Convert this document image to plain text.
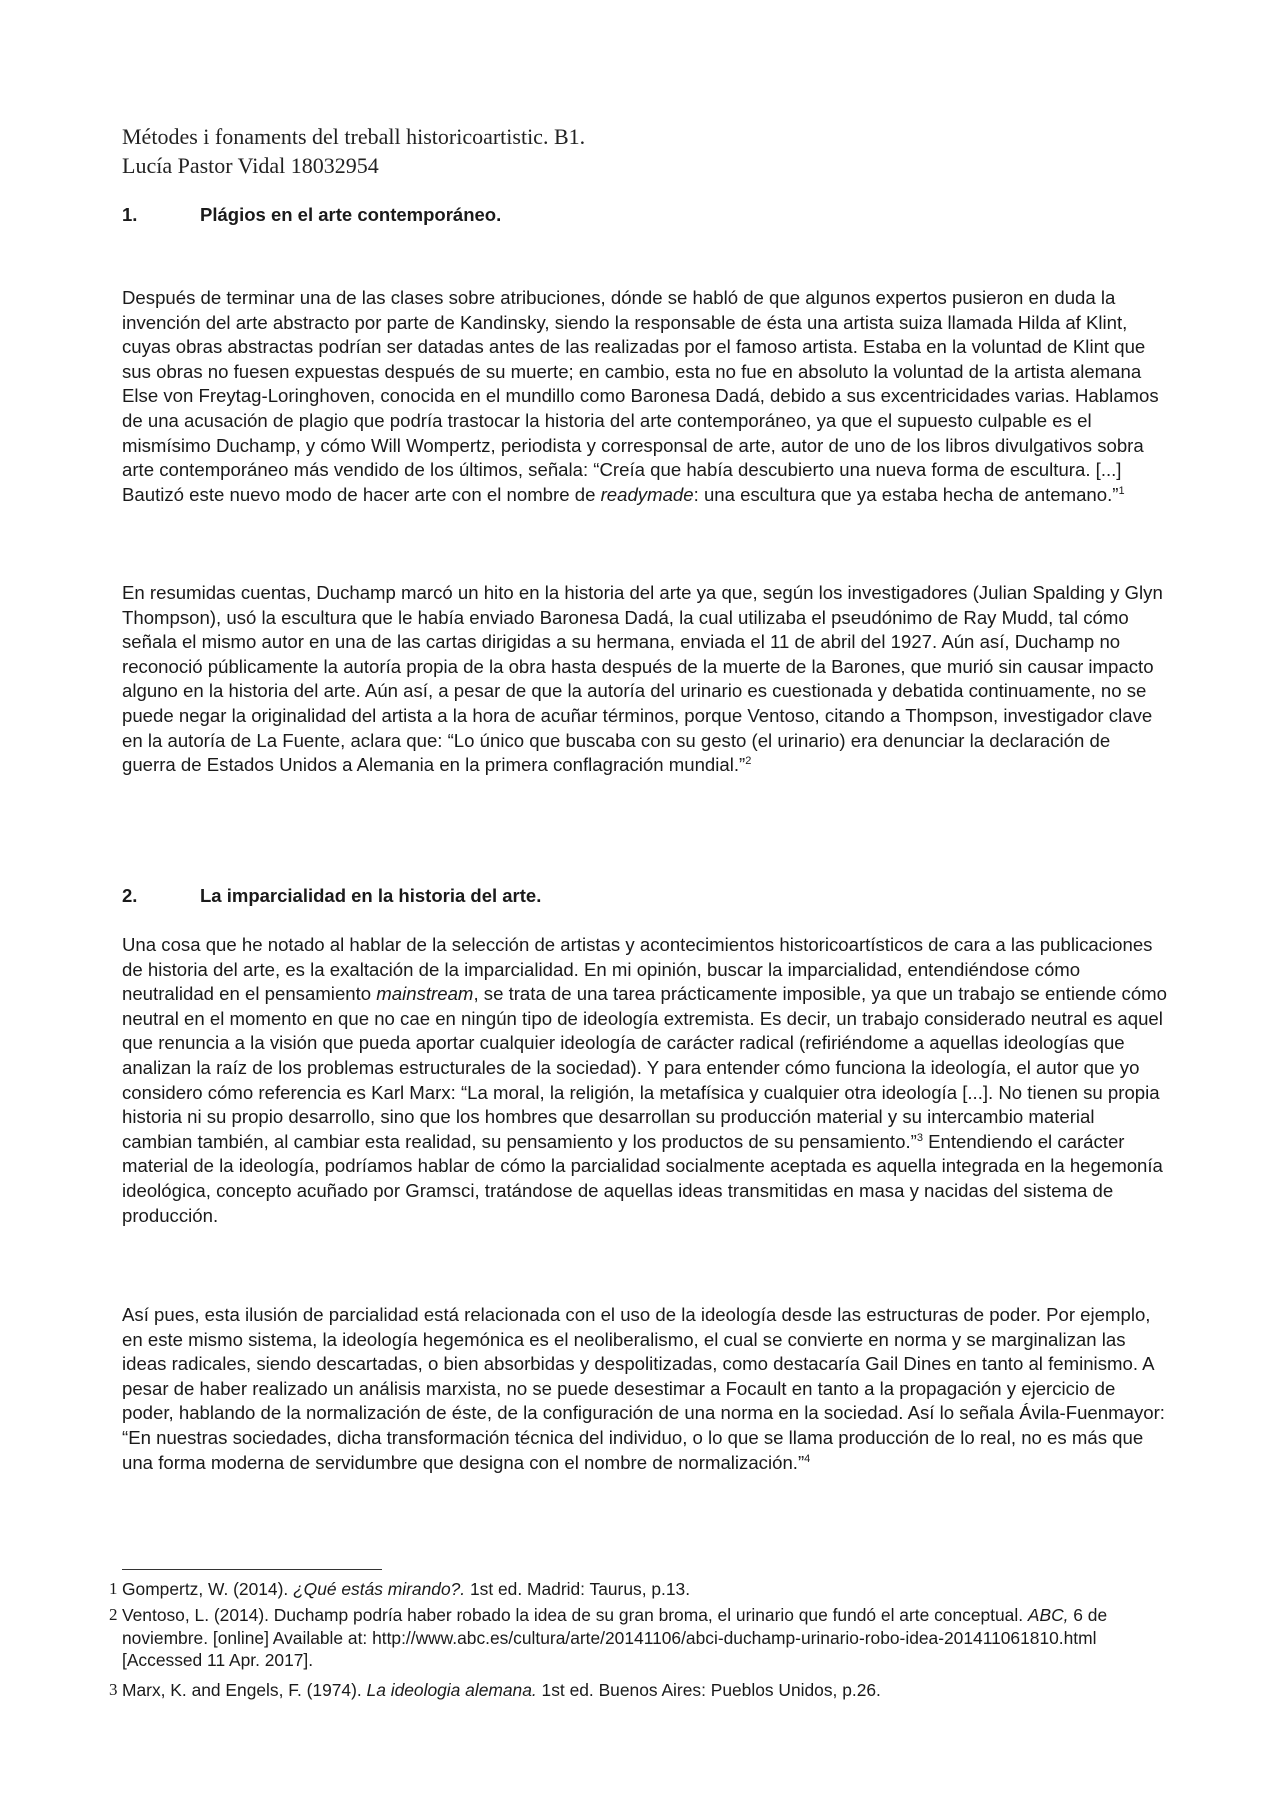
Métodes i fonaments del treball historicoartistic. B1.
Lucía Pastor Vidal 18032954
1.	Plágios en el arte contemporáneo.

Después de terminar una de las clases sobre atribuciones, dónde se habló de que algunos expertos pusieron en duda la invención del arte abstracto por parte de Kandinsky, siendo la responsable de ésta una artista suiza llamada Hilda af Klint, cuyas obras abstractas podrían ser datadas antes de las realizadas por el famoso artista. Estaba en la voluntad de Klint que sus obras no fuesen expuestas después de su muerte; en cambio, esta no fue en absoluto la voluntad de la artista alemana Else von Freytag-Loringhoven, conocida en el mundillo como Baronesa Dadá, debido a sus excentricidades varias. Hablamos de una acusación de plagio que podría trastocar la historia del arte contemporáneo, ya que el supuesto culpable es el mismísimo Duchamp, y cómo Will Wompertz, periodista y corresponsal de arte, autor de uno de los libros divulgativos sobra arte contemporáneo más vendido de los últimos, señala: “Creía que había descubierto una nueva forma de escultura. [...] Bautizó este nuevo modo de hacer arte con el nombre de readymade: una escultura que ya estaba hecha de antemano.”$^1$

En resumidas cuentas, Duchamp marcó un hito en la historia del arte ya que, según los investigadores (Julian Spalding y Glyn Thompson), usó la escultura que le había enviado Baronesa Dadá, la cual utilizaba el pseudónimo de Ray Mudd, tal cómo señala el mismo autor en una de las cartas dirigidas a su hermana, enviada el 11 de abril del 1927. Aún así, Duchamp no reconoció públicamente la autoría propia de la obra hasta después de la muerte de la Barones, que murió sin causar impacto alguno en la historia del arte. Aún así, a pesar de que la autoría del urinario es cuestionada y debatida continuamente, no se puede negar la originalidad del artista a la hora de acuñar términos, porque Ventoso, citando a Thompson, investigador clave en la autoría de La Fuente, aclara que: “Lo único que buscaba con su gesto (el urinario) era denunciar la declaración de guerra de Estados Unidos a Alemania en la primera conflagración mundial.”$^2$

2.	La imparcialidad en la historia del arte.

Una cosa que he notado al hablar de la selección de artistas y acontecimientos historicoartísticos de cara a las publicaciones de historia del arte, es la exaltación de la imparcialidad. En mi opinión, buscar la imparcialidad, entendiéndose cómo neutralidad en el pensamiento mainstream, se trata de una tarea prácticamente imposible, ya que un trabajo se entiende cómo neutral en el momento en que no cae en ningún tipo de ideología extremista. Es decir, un trabajo considerado neutral es aquel que renuncia a la visión que pueda aportar cualquier ideología de carácter radical (refiriéndome a aquellas ideologías que analizan la raíz de los problemas estructurales de la sociedad). Y para entender cómo funciona la ideología, el autor que yo considero cómo referencia es Karl Marx: “La moral, la religión, la metafísica y cualquier otra ideología [...]. No tienen su propia historia ni su propio desarrollo, sino que los hombres que desarrollan su producción material y su intercambio material cambian también, al cambiar esta realidad, su pensamiento y los productos de su pensamiento.”$^3$ Entendiendo el carácter material de la ideología, podríamos hablar de cómo la parcialidad socialmente aceptada es aquella integrada en la hegemonía ideológica, concepto acuñado por Gramsci, tratándose de aquellas ideas transmitidas en masa y nacidas del sistema de producción.

Así pues, esta ilusión de parcialidad está relacionada con el uso de la ideología desde las estructuras de poder. Por ejemplo, en este mismo sistema, la ideología hegemónica es el neoliberalismo, el cual se convierte en norma y se marginalizan las ideas radicales, siendo descartadas, o bien absorbidas y despolitizadas, como destacaría Gail Dines en tanto al feminismo. A pesar de haber realizado un análisis marxista, no se puede desestimar a Focault en tanto a la propagación y ejercicio de poder, hablando de la normalización de éste, de la configuración de una norma en la sociedad. Así lo señala Ávila-Fuenmayor: “En nuestras sociedades, dicha transformación técnica del individuo, o lo que se llama producción de lo real, no es más que una forma moderna de servidumbre que designa con el nombre de normalización.”$^4$

1 Gompertz, W. (2014). ¿Qué estás mirando?. 1st ed. Madrid: Taurus, p.13.
2 Ventoso, L. (2014). Duchamp podría haber robado la idea de su gran broma, el urinario que fundó el arte conceptual. ABC, 6 de noviembre. [online] Available at: http://www.abc.es/cultura/arte/20141106/abci-duchamp-urinario-robo-idea-201411061810.html [Accessed 11 Apr. 2017].
3 Marx, K. and Engels, F. (1974). La ideologia alemana. 1st ed. Buenos Aires: Pueblos Unidos, p.26.
